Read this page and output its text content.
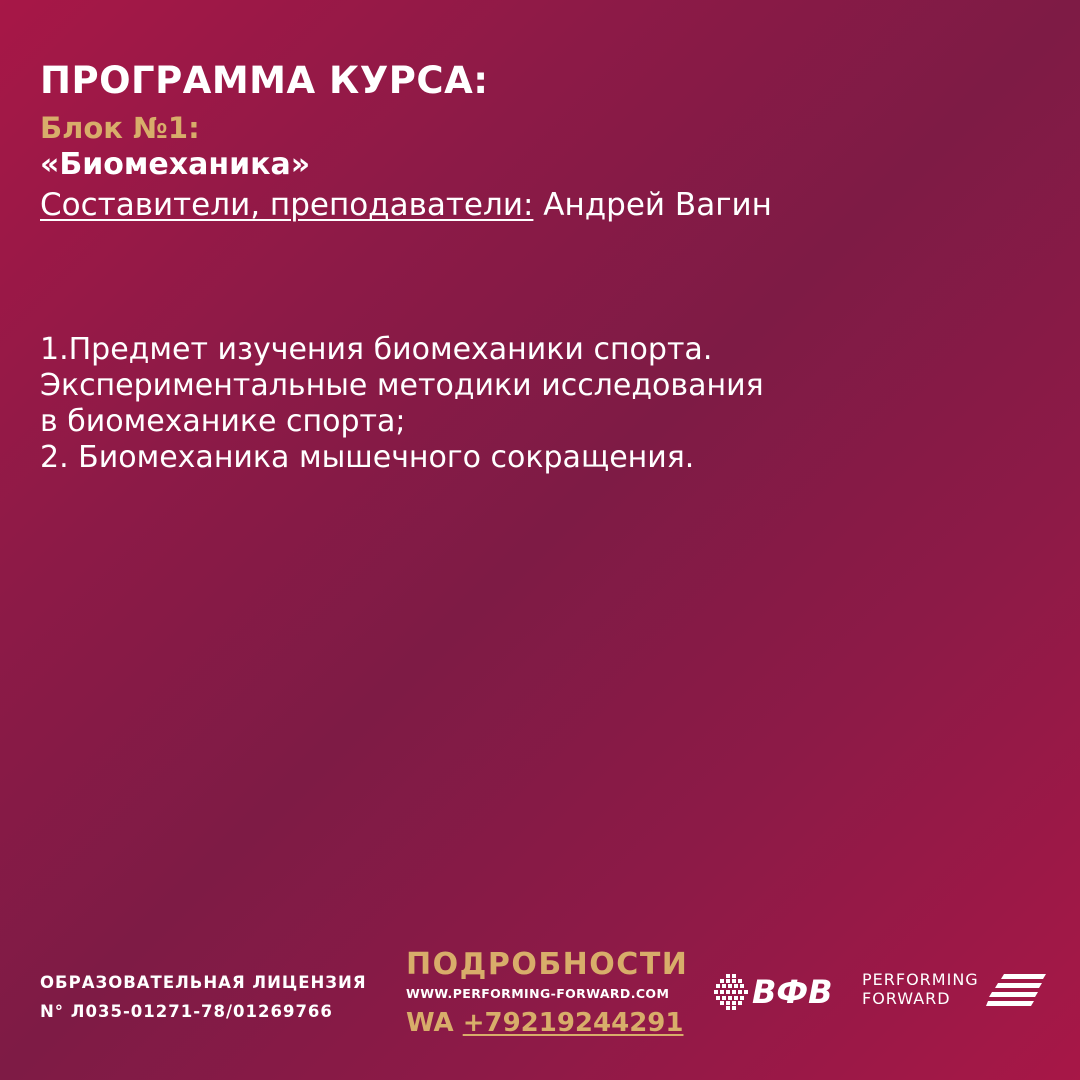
ПРОГРАММА КУРСА:
Блок №1:
«Биомеханика»
Составители, преподаватели: Андрей Вагин

1.Предмет изучения биомеханики спорта.

Экспериментальные методики исследования

в биомеханике спорта;

2. Биомеханика мышечного сокращения.

ОБРАЗОВАТЕЛЬНАЯ ЛИЦЕНЗИЯ
N° Л035-01271-78/01269766
ПОДРОБНОСТИ
WWW.PERFORMING-FORWARD.COM
WA +79219244291
ВФВ PERFORMING
FORWARD
